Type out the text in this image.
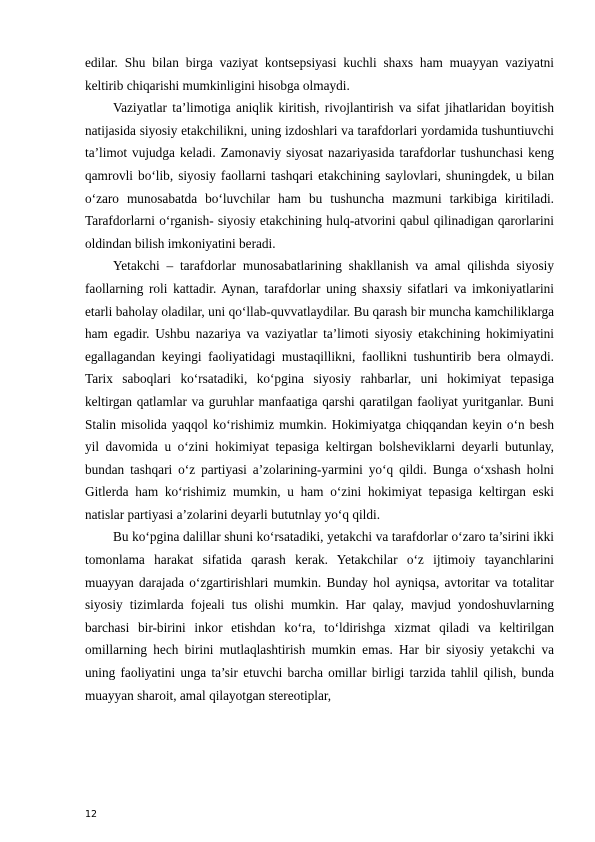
edilar. Shu bilan birga vaziyat kontsepsiyasi kuchli shaxs ham muayyan vaziyatni keltirib chiqarishi mumkinligini hisobga olmaydi.

Vaziyatlar ta’limotiga aniqlik kiritish, rivojlantirish va sifat jihatlaridan boyitish natijasida siyosiy etakchilikni, uning izdoshlari va tarafdorlari yordamida tushuntiuvchi ta’limot vujudga keladi. Zamonaviy siyosat nazariyasida tarafdorlar tushunchasi keng qamrovli bo‘lib, siyosiy faollarni tashqari etakchining saylovlari, shuningdek, u bilan o‘zaro munosabatda bo‘luvchilar ham bu tushuncha mazmuni tarkibiga kiritiladi. Tarafdorlarni o‘rganish- siyosiy etakchining hulq-atvorini qabul qilinadigan qarorlarini oldindan bilish imkoniyatini beradi.

Yetakchi – tarafdorlar munosabatlarining shakllanish va amal qilishda siyosiy faollarning roli kattadir. Aynan, tarafdorlar uning shaxsiy sifatlari va imkoniyatlarini etarli baholay oladilar, uni qo‘llab-quvvatlaydilar. Bu qarash bir muncha kamchiliklarga ham egadir. Ushbu nazariya va vaziyatlar ta’limoti siyosiy etakchining hokimiyatini egallagandan keyingi faoliyatidagi mustaqillikni, faollikni tushuntirib bera olmaydi. Tarix saboqlari ko‘rsatadiki, ko‘pgina siyosiy rahbarlar, uni hokimiyat tepasiga keltirgan qatlamlar va guruhlar manfaatiga qarshi qaratilgan faoliyat yuritganlar. Buni Stalin misolida yaqqol ko‘rishimiz mumkin. Hokimiyatga chiqqandan keyin o‘n besh yil davomida u o‘zini hokimiyat tepasiga keltirgan bolsheviklarni deyarli butunlay, bundan tashqari o‘z partiyasi a’zolarining-yarmini yo‘q qildi. Bunga o‘xshash holni Gitlerda ham ko‘rishimiz mumkin, u ham o‘zini hokimiyat tepasiga keltirgan eski natislar partiyasi a’zolarini deyarli bututnlay yo‘q qildi.

Bu ko‘pgina dalillar shuni ko‘rsatadiki, yetakchi va tarafdorlar o‘zaro ta’sirini ikki tomonlama harakat sifatida qarash kerak. Yetakchilar o‘z ijtimoiy tayanchlarini muayyan darajada o‘zgartirishlari mumkin. Bunday hol ayniqsa, avtoritar va totalitar siyosiy tizimlarda fojeali tus olishi mumkin. Har qalay, mavjud yondoshuvlarning barchasi bir-birini inkor etishdan ko‘ra, to‘ldirishga xizmat qiladi va keltirilgan omillarning hech birini mutlaqlashtirish mumkin emas. Har bir siyosiy yetakchi va uning faoliyatini unga ta’sir etuvchi barcha omillar birligi tarzida tahlil qilish, bunda muayyan sharoit, amal qilayotgan stereotiplar,

12
